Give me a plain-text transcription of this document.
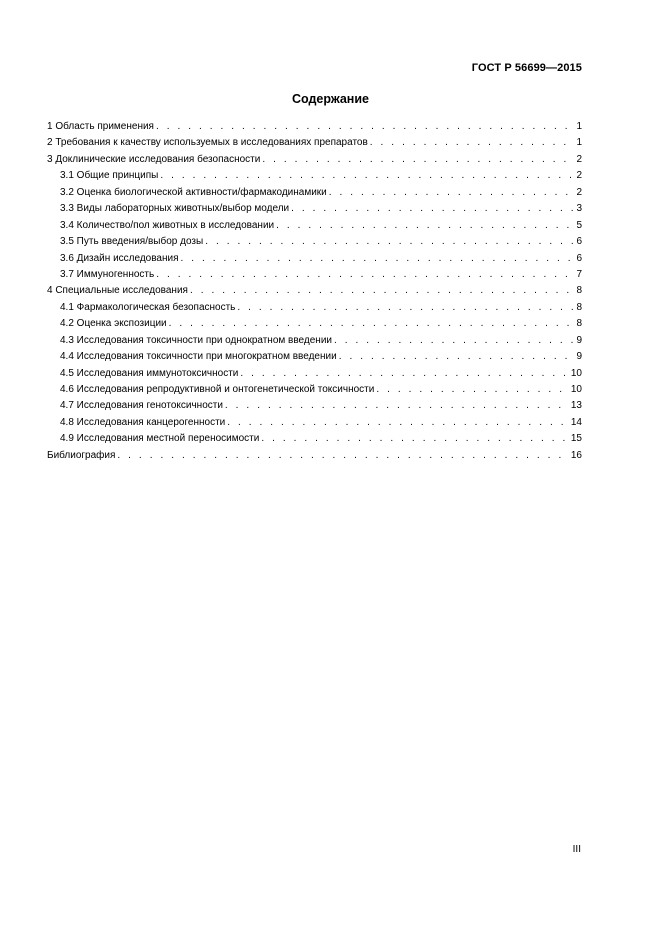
ГОСТ Р 56699—2015
Содержание
1 Область применения . . .	1
2 Требования к качеству используемых в исследованиях препаратов . . .	1
3 Доклинические исследования безопасности . . .	2
3.1 Общие принципы . . .	2
3.2 Оценка биологической активности/фармакодинамики . . .	2
3.3 Виды лабораторных животных/выбор модели . . .	3
3.4 Количество/пол животных в исследовании . . .	5
3.5 Путь введения/выбор дозы . . .	6
3.6 Дизайн исследования . . .	6
3.7 Иммуногенность . . .	7
4 Специальные исследования . . .	8
4.1 Фармакологическая безопасность . . .	8
4.2 Оценка экспозиции . . .	8
4.3 Исследования токсичности при однократном введении . . .	9
4.4 Исследования токсичности при многократном введении . . .	9
4.5 Исследования иммунотоксичности . . .	10
4.6 Исследования репродуктивной и онтогенетической токсичности . . .	10
4.7 Исследования генотоксичности . . .	13
4.8 Исследования канцерогенности . . .	14
4.9 Исследования местной переносимости . . .	15
Библиография . . .	16
III
